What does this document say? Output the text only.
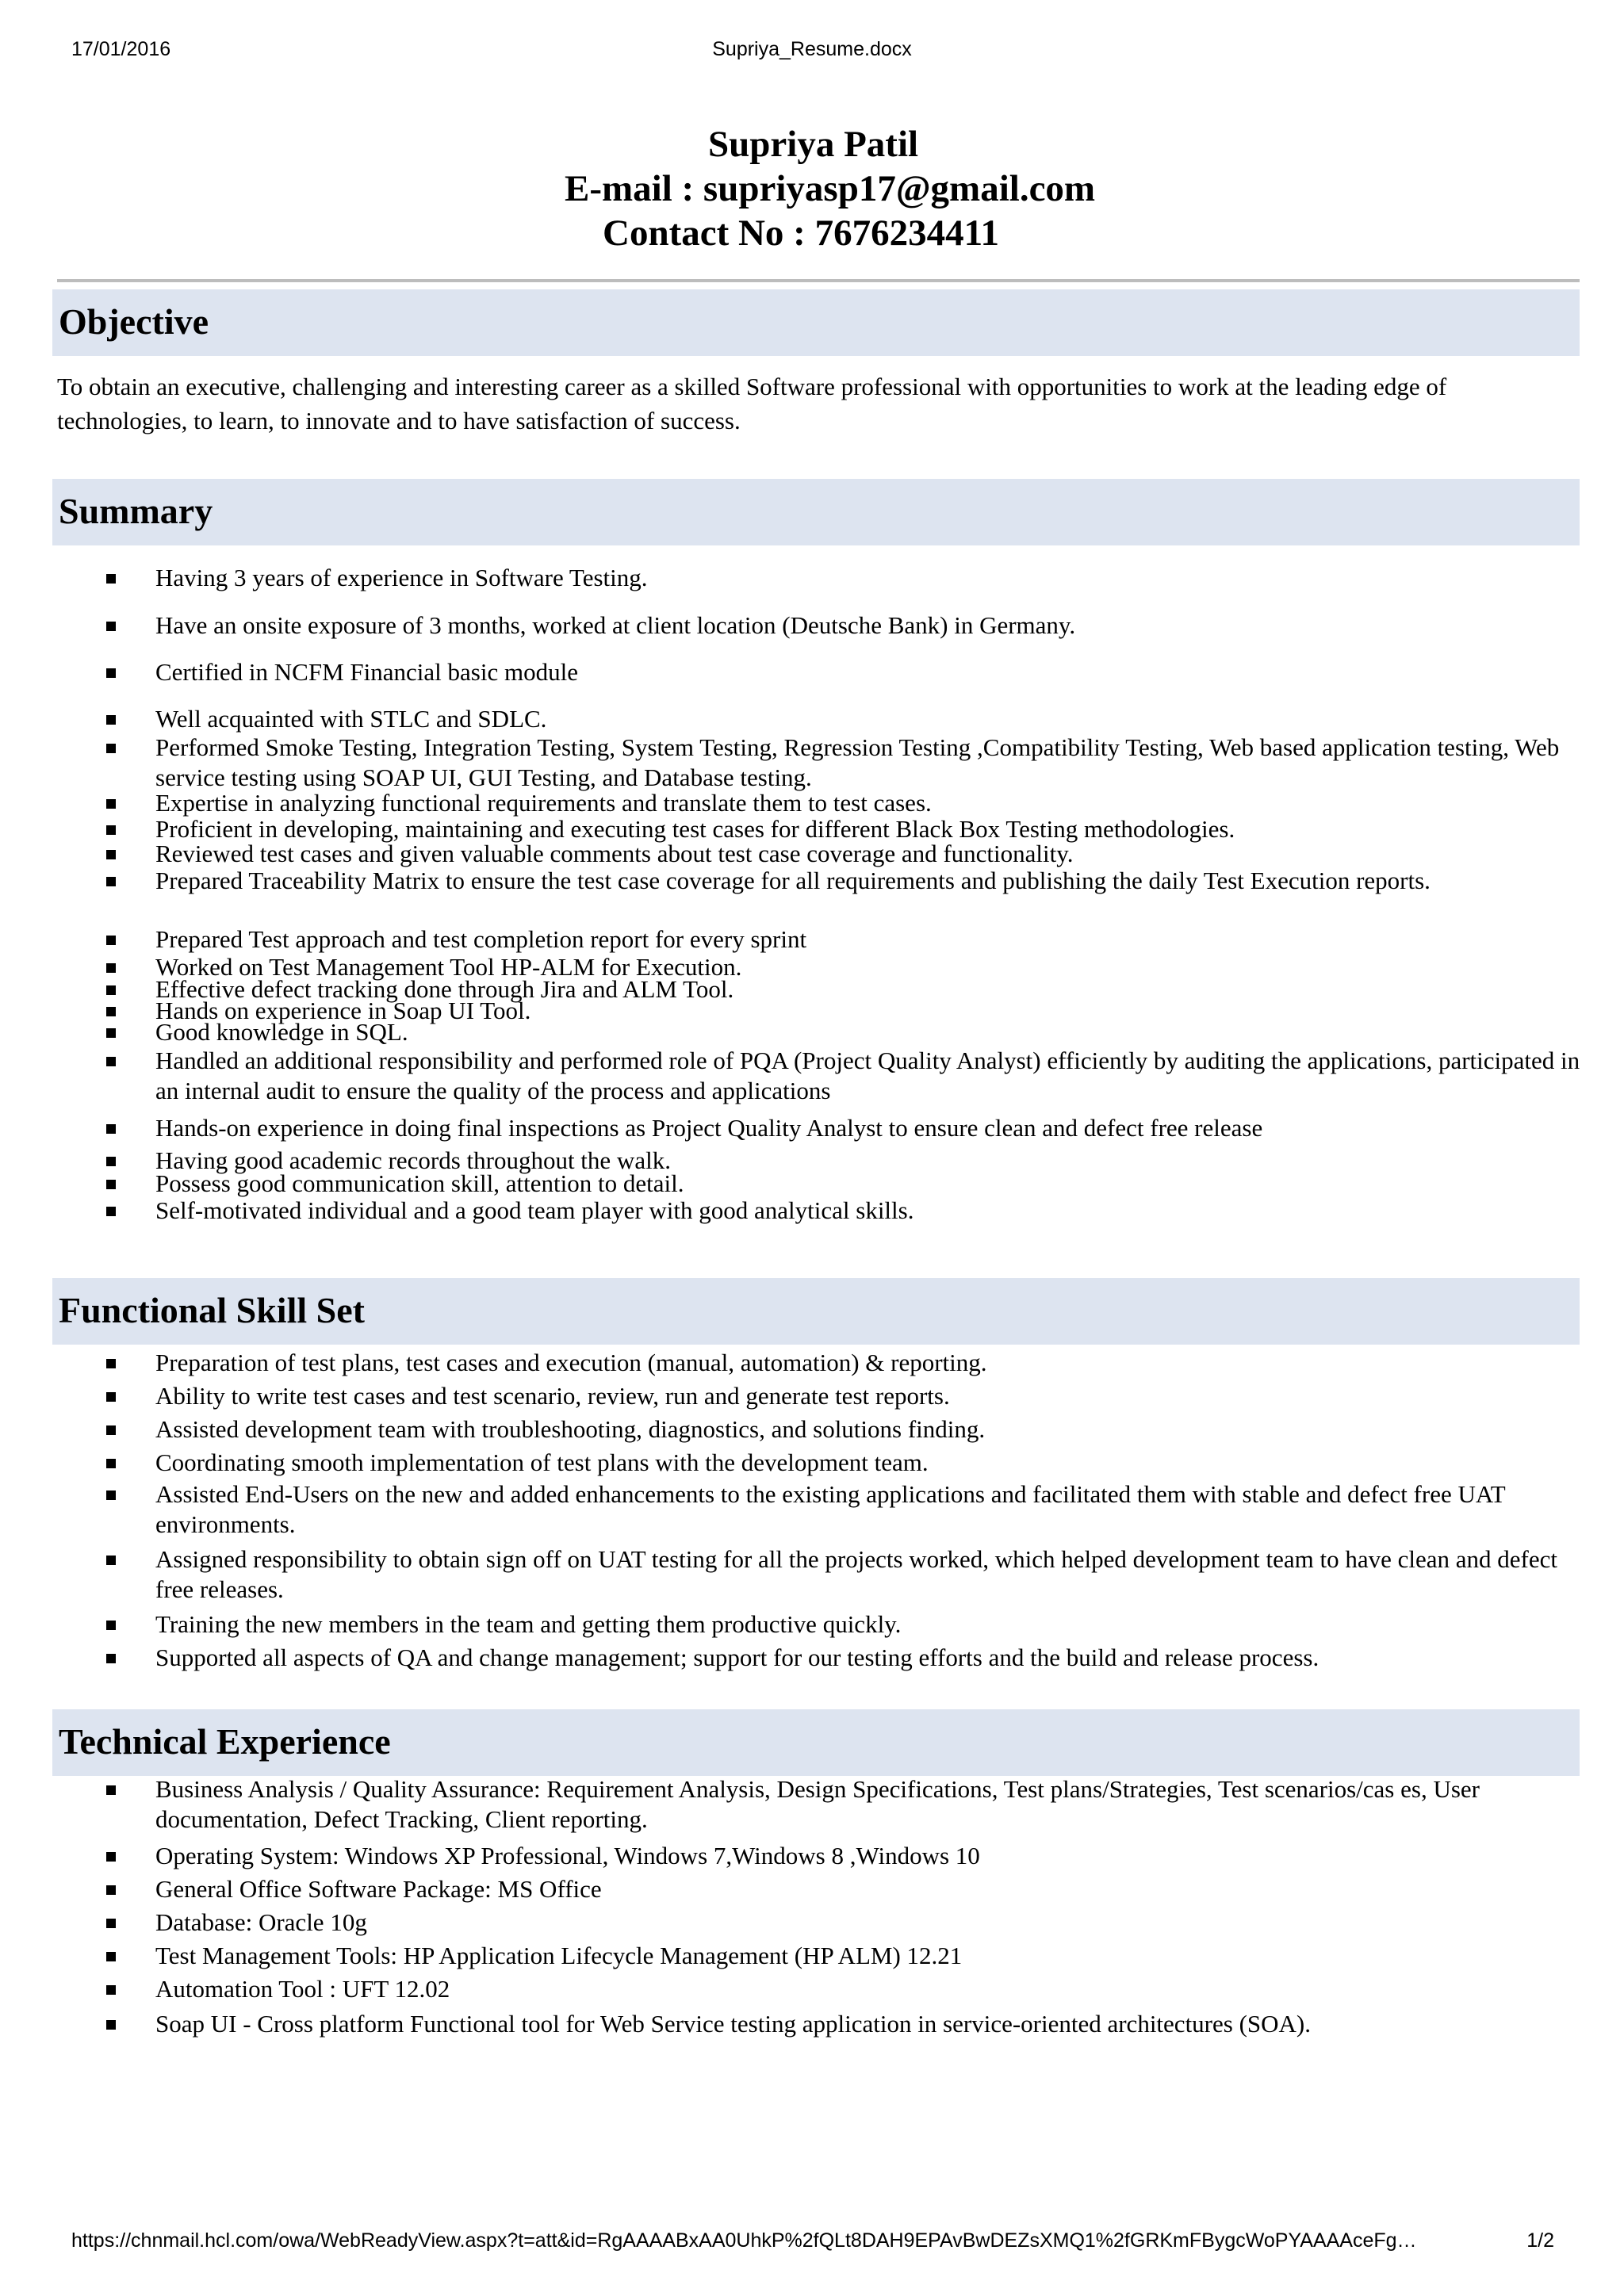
17/01/2016	Supriya_Resume.docx
Supriya Patil
E-mail : supriyasp17@gmail.com
Contact No : 7676234411
Objective
To obtain an executive, challenging and interesting career as a skilled Software professional with opportunities to work at the leading edge of technologies, to learn, to innovate and to have satisfaction of success.
Summary
Having 3 years of experience in Software Testing.
Have an onsite exposure of 3 months, worked at client location (Deutsche Bank) in Germany.
Certified in NCFM Financial basic module
Well acquainted with STLC and SDLC.
Performed Smoke Testing, Integration Testing, System Testing, Regression Testing ,Compatibility Testing, Web based application testing, Web service testing using SOAP UI, GUI Testing, and Database testing.
Expertise in analyzing functional requirements and translate them to test cases.
Proficient in developing, maintaining and executing test cases for different Black Box Testing methodologies.
Reviewed test cases and given valuable comments about test case coverage and functionality.
Prepared Traceability Matrix to ensure the test case coverage for all requirements and publishing the daily Test Execution reports.
Prepared Test approach and test completion report for every sprint
Worked on Test Management Tool HP-ALM for Execution.
Effective defect tracking done through Jira and ALM Tool.
Hands on experience in Soap UI Tool.
Good knowledge in SQL.
Handled an additional responsibility and performed role of PQA (Project Quality Analyst) efficiently by auditing the applications, participated in an internal audit to ensure the quality of the process and applications
Hands-on experience in doing final inspections as Project Quality Analyst to ensure clean and defect free release
Having good academic records throughout the walk.
Possess good communication skill, attention to detail.
Self-motivated individual and a good team player with good analytical skills.
Functional Skill Set
Preparation of test plans, test cases and execution (manual, automation) & reporting.
Ability to write test cases and test scenario, review, run and generate test reports.
Assisted development team with troubleshooting, diagnostics, and solutions finding.
Coordinating smooth implementation of test plans with the development team.
Assisted End-Users on the new and added enhancements to the existing applications and facilitated them with stable and defect free UAT environments.
Assigned responsibility to obtain sign off on UAT testing for all the projects worked, which helped development team to have clean and defect free releases.
Training the new members in the team and getting them productive quickly.
Supported all aspects of QA and change management; support for our testing efforts and the build and release process.
Technical Experience
Business Analysis / Quality Assurance: Requirement Analysis, Design Specifications, Test plans/Strategies, Test scenarios/cas es, User documentation, Defect Tracking, Client reporting.
Operating System: Windows XP Professional, Windows 7,Windows 8 ,Windows 10
General Office Software Package: MS Office
Database: Oracle 10g
Test Management Tools: HP Application Lifecycle Management (HP ALM) 12.21
Automation Tool : UFT 12.02
Soap UI - Cross platform Functional tool for Web Service testing application in service-oriented architectures (SOA).
https://chnmail.hcl.com/owa/WebReadyView.aspx?t=att&id=RgAAAABxAA0UhkP%2fQLt8DAH9EPAvBwDEZsXMQ1%2fGRKmFBygcWoPYAAAAceFg…	1/2
